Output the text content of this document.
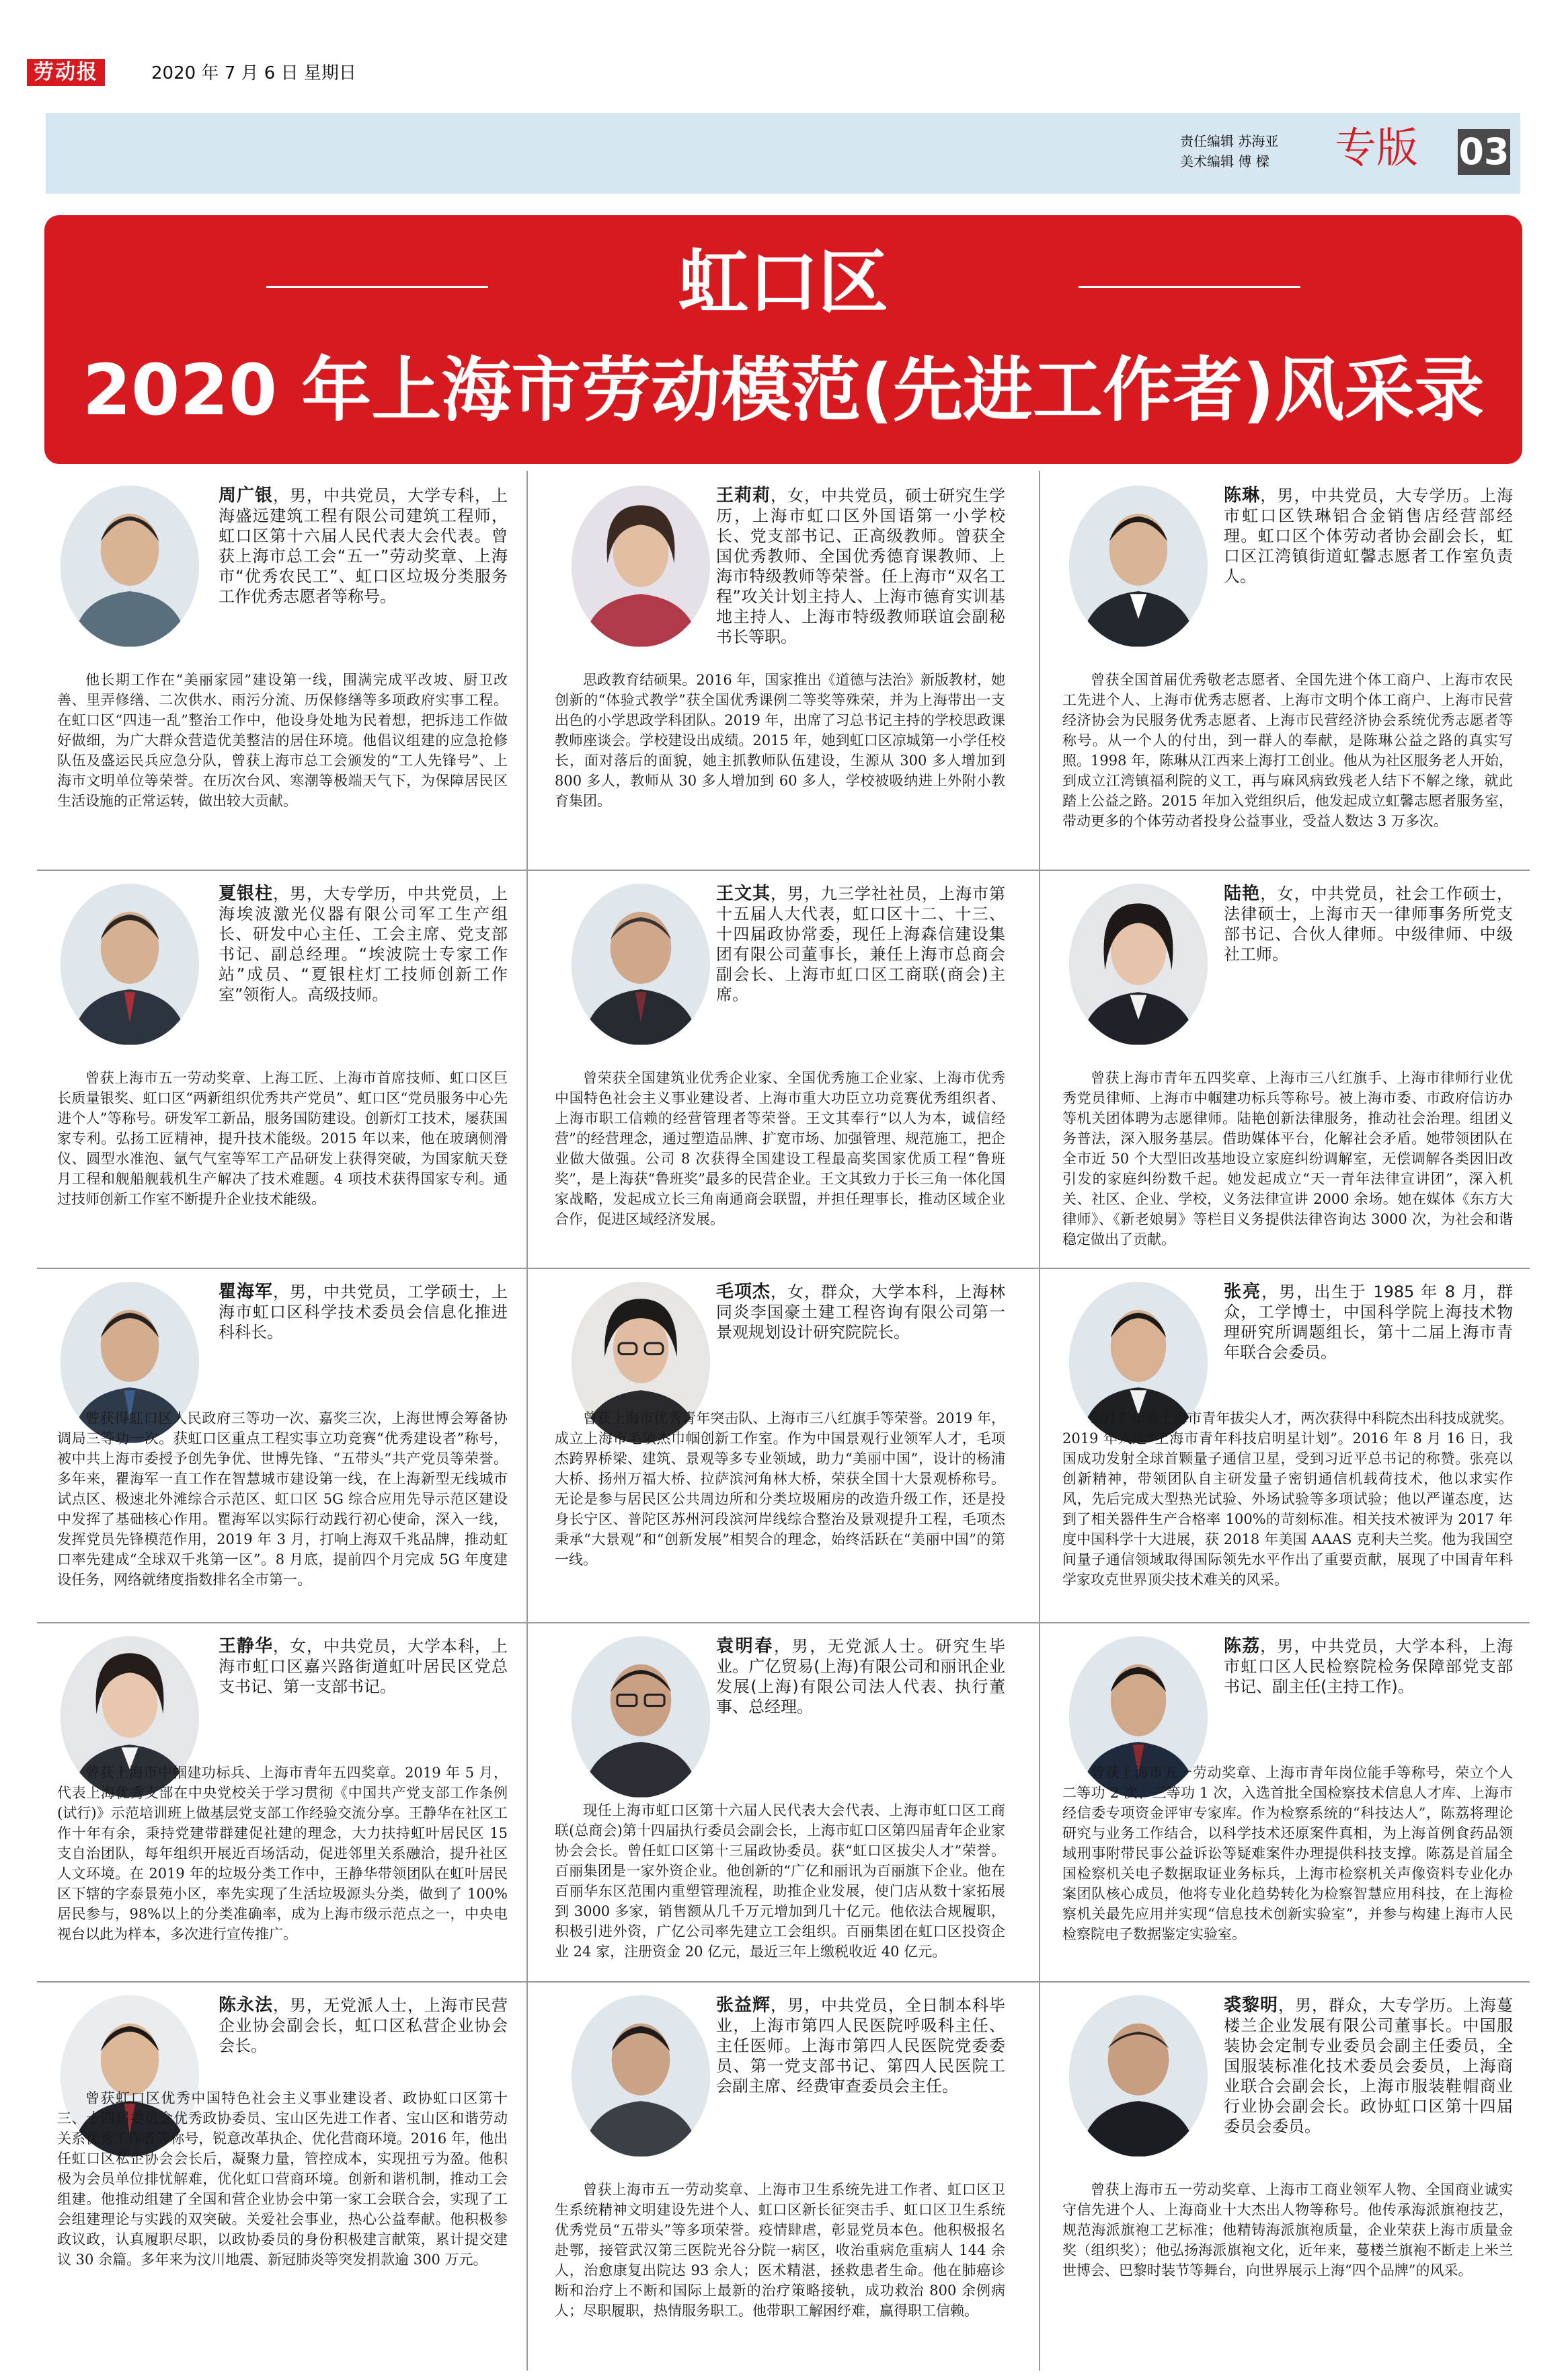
劳动报	2020 年 7 月 6 日 星期日
责任编辑 苏海亚
美术编辑 傅 樑 专版 03
虹口区
2020 年上海市劳动模范(先进工作者)风采录
周广银，男，中共党员，大学专科，上海盛远建筑工程有限公司建筑工程师，虹口区第十六届人民代表大会代表。曾获上海市总工会“五一”劳动奖章、上海市“优秀农民工”、虹口区垃圾分类服务工作优秀志愿者等称号。
他长期工作在“美丽家园”建设第一线，围满完成平改坡、厨卫改善、里弄修缮、二次供水、雨污分流、历保修缮等多项政府实事工程。在虹口区“四违一乱”整治工作中，他设身处地为民着想，把拆违工作做好做细，为广大群众营造优美整洁的居住环境。他倡议组建的应急抢修队伍及盛运民兵应急分队，曾获上海市总工会颁发的“工人先锋号”、上海市文明单位等荣誉。在历次台风、寒潮等极端天气下，为保障居民区生活设施的正常运转，做出较大贡献。
王莉莉，女，中共党员，硕士研究生学历，上海市虹口区外国语第一小学校长、党支部书记、正高级教师。曾获全国优秀教师、全国优秀德育课教师、上海市特级教师等荣誉。任上海市“双名工程”攻关计划主持人、上海市德育实训基地主持人、上海市特级教师联谊会副秘书长等职。
思政教育结硕果。2016 年，国家推出《道德与法治》新版教材，她创新的“体验式教学”获全国优秀课例二等奖等殊荣，并为上海带出一支出色的小学思政学科团队。2019 年，出席了习总书记主持的学校思政课教师座谈会。学校建设出成绩。2015 年，她到虹口区凉城第一小学任校长，面对落后的面貌，她主抓教师队伍建设，生源从 300 多人增加到 800 多人，教师从 30 多人增加到 60 多人，学校被吸纳进上外附小教育集团。
陈琳，男，中共党员，大专学历。上海市虹口区铁琳铝合金销售店经营部经理。虹口区个体劳动者协会副会长，虹口区江湾镇街道虹馨志愿者工作室负责人。
曾获全国首届优秀敬老志愿者、全国先进个体工商户、上海市农民工先进个人、上海市优秀志愿者、上海市文明个体工商户、上海市民营经济协会为民服务优秀志愿者、上海市民营经济协会系统优秀志愿者等称号。从一个人的付出，到一群人的奉献，是陈琳公益之路的真实写照。1998 年，陈琳从江西来上海打工创业。他从为社区服务老人开始，到成立江湾镇福利院的义工，再与麻风病致残老人结下不解之缘，就此踏上公益之路。2015 年加入党组织后，他发起成立虹馨志愿者服务室，带动更多的个体劳动者投身公益事业，受益人数达 3 万多次。
夏银柱，男，大专学历，中共党员，上海埃波激光仪器有限公司军工生产组长、研发中心主任、工会主席、党支部书记、副总经理。“埃波院士专家工作站”成员、“夏银柱灯工技师创新工作室”领衔人。高级技师。
曾获上海市五一劳动奖章、上海工匠、上海市首席技师、虹口区巨长质量银奖、虹口区“两新组织优秀共产党员”、虹口区“党员服务中心先进个人”等称号。研发军工新品，服务国防建设。创新灯工技术，屡获国家专利。弘扬工匠精神，提升技术能级。2015 年以来，他在玻璃侧滑仪、圆型水准泡、氩气气室等军工产品研发上获得突破，为国家航天登月工程和舰船舰载机生产解决了技术难题。4 项技术获得国家专利。通过技师创新工作室不断提升企业技术能级。
王文其，男，九三学社社员，上海市第十五届人大代表，虹口区十二、十三、十四届政协常委，现任上海森信建设集团有限公司董事长，兼任上海市总商会副会长、上海市虹口区工商联(商会)主席。
曾荣获全国建筑业优秀企业家、全国优秀施工企业家、上海市优秀中国特色社会主义事业建设者、上海市重大功臣立功竞赛优秀组织者、上海市职工信赖的经营管理者等荣誉。王文其奉行“以人为本，诚信经营”的经营理念，通过塑造品牌、扩宽市场、加强管理、规范施工，把企业做大做强。公司 8 次获得全国建设工程最高奖国家优质工程“鲁班奖”，是上海获“鲁班奖”最多的民营企业。王文其致力于长三角一体化国家战略，发起成立长三角南通商会联盟，并担任理事长，推动区域企业合作，促进区域经济发展。
陆艳，女，中共党员，社会工作硕士，法律硕士，上海市天一律师事务所党支部书记、合伙人律师。中级律师、中级社工师。
曾获上海市青年五四奖章、上海市三八红旗手、上海市律师行业优秀党员律师、上海市中帼建功标兵等称号。被上海市委、市政府信访办等机关团体聘为志愿律师。陆艳创新法律服务，推动社会治理。组团义务普法，深入服务基层。借助媒体平台，化解社会矛盾。她带领团队在全市近 50 个大型旧改基地设立家庭纠纷调解室，无偿调解各类因旧改引发的家庭纠纷数千起。她发起成立“天一青年法律宣讲团”，深入机关、社区、企业、学校，义务法律宣讲 2000 余场。她在媒体《东方大律师》、《新老娘舅》等栏目义务提供法律咨询达 3000 次，为社会和谐稳定做出了贡献。
瞿海军，男，中共党员，工学硕士，上海市虹口区科学技术委员会信息化推进科科长。
曾获得虹口区人民政府三等功一次、嘉奖三次，上海世博会筹备协调局三等功一次。获虹口区重点工程实事立功竞赛“优秀建设者”称号，被中共上海市委授予创先争优、世博先锋、“五带头”共产党员等荣誉。多年来，瞿海军一直工作在智慧城市建设第一线，在上海新型无线城市试点区、极速北外滩综合示范区、虹口区 5G 综合应用先导示范区建设中发挥了基础核心作用。瞿海军以实际行动践行初心使命，深入一线，发挥党员先锋模范作用，2019 年 3 月，打响上海双千兆品牌，推动虹口率先建成“全球双千兆第一区”。8 月底，提前四个月完成 5G 年度建设任务，网络就绪度指数排名全市第一。
毛项杰，女，群众，大学本科，上海林同炎李国豪土建工程咨询有限公司第一景观规划设计研究院院长。
曾获上海市优秀青年突击队、上海市三八红旗手等荣誉。2019 年，成立上海市毛项杰巾帼创新工作室。作为中国景观行业领军人才，毛项杰跨界桥梁、建筑、景观等多专业领域，助力“美丽中国”，设计的杨浦大桥、扬州万福大桥、拉萨滨河角林大桥，荣获全国十大景观桥称号。无论是参与居民区公共周边所和分类垃圾厢房的改造升级工作，还是投身长宁区、普陀区苏州河段滨河岸线综合整治及景观提升工程，毛项杰秉承“大景观”和“创新发展”相契合的理念，始终活跃在“美丽中国”的第一线。
张亮，男，出生于 1985 年 8 月，群众，工学博士，中国科学院上海技术物理研究所调题组长，第十二届上海市青年联合会委员。
2017 年度上海市青年拔尖人才，两次获得中科院杰出科技成就奖。2019 年入选“上海市青年科技启明星计划”。2016 年 8 月 16 日，我国成功发射全球首颗量子通信卫星，受到习近平总书记的称赞。张亮以创新精神，带领团队自主研发量子密钥通信机载荷技术，他以求实作风，先后完成大型热光试验、外场试验等多项试验；他以严谨态度，达到了相关器件生产合格率 100%的苛刻标准。相关技术被评为 2017 年度中国科学十大进展，获 2018 年美国 AAAS 克利夫兰奖。他为我国空间量子通信领域取得国际领先水平作出了重要贡献，展现了中国青年科学家攻克世界顶尖技术难关的风采。
王静华，女，中共党员，大学本科，上海市虹口区嘉兴路街道虹叶居民区党总支书记、第一支部书记。
曾获上海市中帼建功标兵、上海市青年五四奖章。2019 年 5 月，代表上海优秀支部在中央党校关于学习贯彻《中国共产党支部工作条例(试行)》示范培训班上做基层党支部工作经验交流分享。王静华在社区工作十年有余，秉持党建带群建促社建的理念，大力扶持虹叶居民区 15 支自治团队，每年组织开展近百场活动，促进邻里关系融洽，提升社区人文环境。在 2019 年的垃圾分类工作中，王静华带领团队在虹叶居民区下辖的字泰景苑小区，率先实现了生活垃圾源头分类，做到了 100%居民参与，98%以上的分类准确率，成为上海市级示范点之一，中央电视台以此为样本，多次进行宣传推广。
袁明春，男，无党派人士。研究生毕业。广亿贸易(上海)有限公司和丽讯企业发展(上海)有限公司法人代表、执行董事、总经理。
现任上海市虹口区第十六届人民代表大会代表、上海市虹口区工商联(总商会)第十四届执行委员会副会长，上海市虹口区第四届青年企业家协会会长。曾任虹口区第十三届政协委员。获“虹口区拔尖人才”荣誉。百丽集团是一家外资企业。他创新的“广亿和丽讯为百丽旗下企业。他在百丽华东区范围内重塑管理流程，助推企业发展，使门店从数十家拓展到 3000 多家，销售额从几千万元增加到几十亿元。他依法合规履职，积极引进外资，广亿公司率先建立工会组织。百丽集团在虹口区投资企业 24 家，注册资金 20 亿元，最近三年上缴税收近 40 亿元。
陈荔，男，中共党员，大学本科，上海市虹口区人民检察院检务保障部党支部书记、副主任(主持工作)。
曾获上海市五一劳动奖章、上海市青年岗位能手等称号，荣立个人二等功 2 次、三等功 1 次，入选首批全国检察技术信息人才库、上海市经信委专项资金评审专家库。作为检察系统的“科技达人”，陈荔将理论研究与业务工作结合，以科学技术还原案件真相，为上海首例食药品领域刑事附带民事公益诉讼等疑难案件办理提供科技支撑。陈荔是首届全国检察机关电子数据取证业务标兵，上海市检察机关声像资料专业化办案团队核心成员，他将专业化趋势转化为检察智慧应用科技，在上海检察机关最先应用并实现“信息技术创新实验室”，并参与构建上海市人民检察院电子数据鉴定实验室。
陈永法，男，无党派人士，上海市民营企业协会副会长，虹口区私营企业协会会长。
曾获虹口区优秀中国特色社会主义事业建设者、政协虹口区第十三、十四届委员会优秀政协委员、宝山区先进工作者、宝山区和谐劳动关系优秀工作者等称号，锐意改革执企、优化营商环境。2016 年，他出任虹口区私企协会会长后，凝聚力量，管控成本，实现扭亏为盈。他积极为会员单位排忧解难，优化虹口营商环境。创新和谐机制，推动工会组建。他推动组建了全国和营企业协会中第一家工会联合会，实现了工会组建理论与实践的双突破。关爱社会事业，热心公益奉献。他积极参政议政，认真履职尽职，以政协委员的身份积极建言献策，累计提交建议 30 余篇。多年来为汶川地震、新冠肺炎等突发捐款逾 300 万元。
张益辉，男，中共党员，全日制本科毕业，上海市第四人民医院呼吸科主任、主任医师。上海市第四人民医院党委委员、第一党支部书记、第四人民医院工会副主席、经费审查委员会主任。
曾获上海市五一劳动奖章、上海市卫生系统先进工作者、虹口区卫生系统精神文明建设先进个人、虹口区新长征突击手、虹口区卫生系统优秀党员“五带头”等多项荣誉。疫情肆虐，彰显党员本色。他积极报名赴鄂，接管武汉第三医院光谷分院一病区，收治重病危重病人 144 余人，治愈康复出院达 93 余人；医术精湛，拯救患者生命。他在肺癌诊断和治疗上不断和国际上最新的治疗策略接轨，成功救治 800 余例病人；尽职履职，热情服务职工。他带职工解困纾难，赢得职工信赖。
裘黎明，男，群众，大专学历。上海蔓楼兰企业发展有限公司董事长。中国服装协会定制专业委员会副主任委员，全国服装标准化技术委员会委员，上海商业联合会副会长，上海市服装鞋帽商业行业协会副会长。政协虹口区第十四届委员会委员。
曾获上海市五一劳动奖章、上海市工商业领军人物、全国商业诚实守信先进个人、上海商业十大杰出人物等称号。他传承海派旗袍技艺，规范海派旗袍工艺标准；他精铸海派旗袍质量，企业荣获上海市质量金奖（组织奖）；他弘扬海派旗袍文化，近年来，蔓楼兰旗袍不断走上米兰世博会、巴黎时装节等舞台，向世界展示上海“四个品牌”的风采。
